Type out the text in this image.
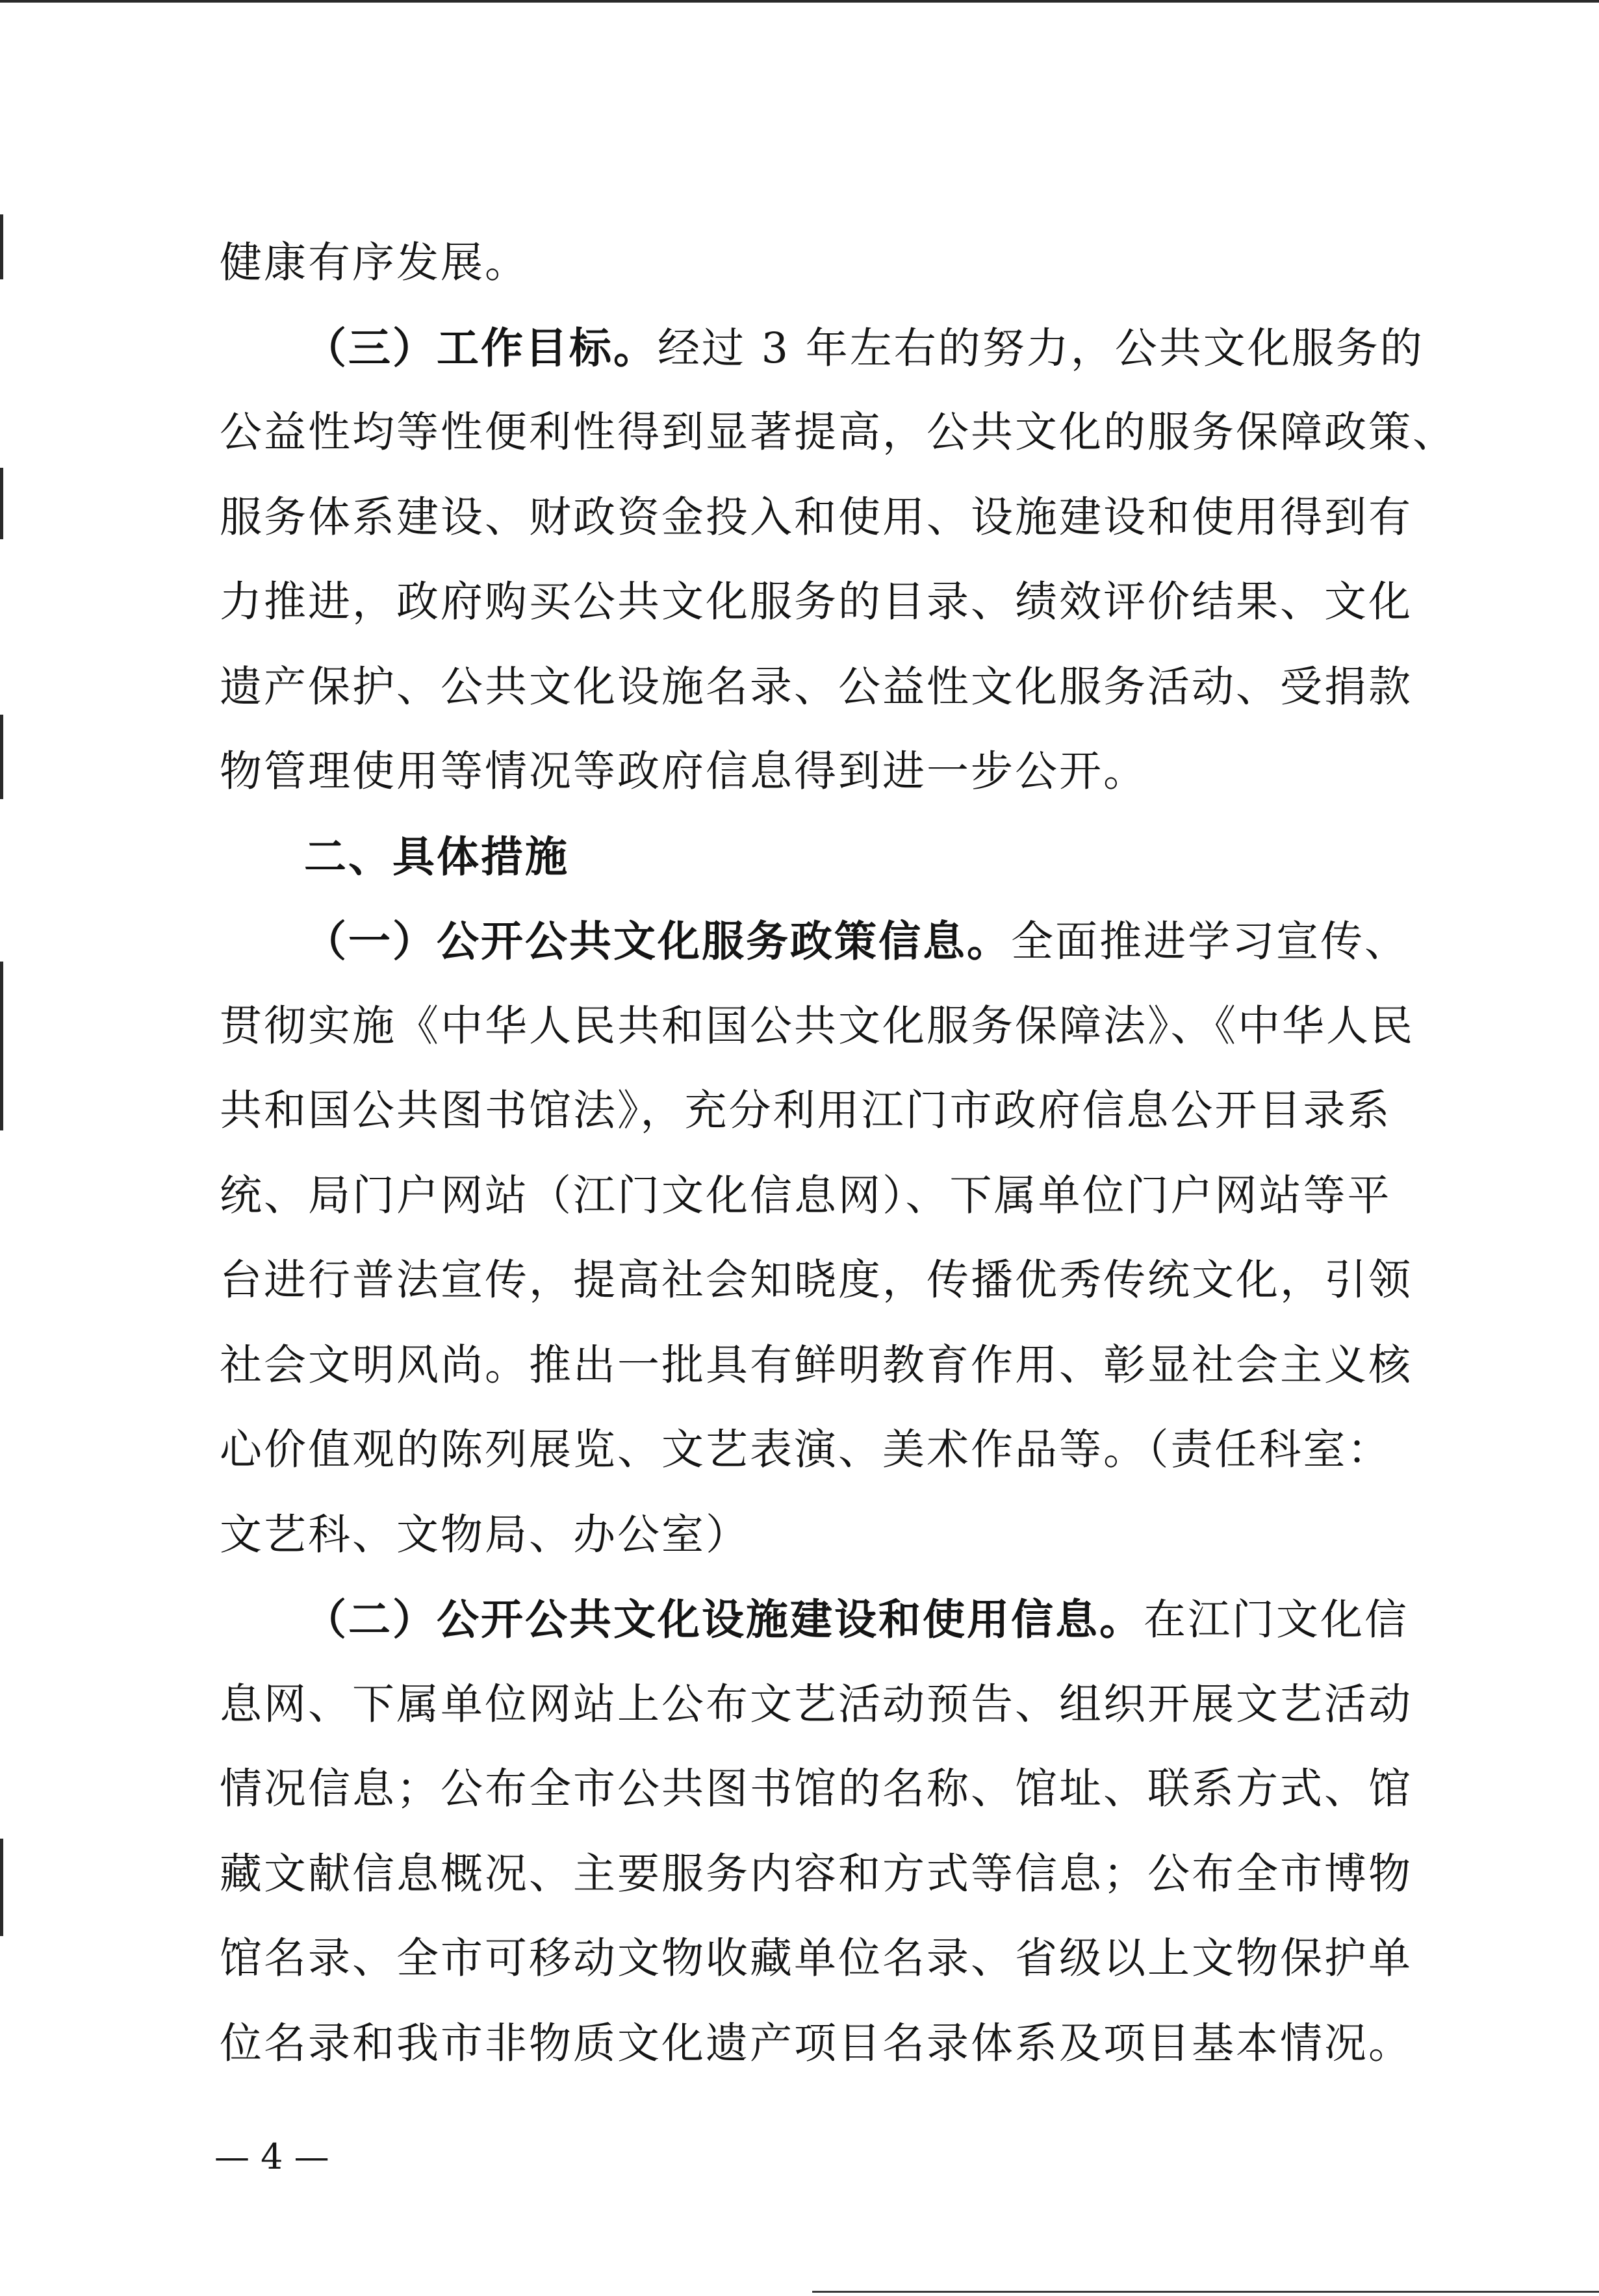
健康有序发展。
（三）工作目标。经过 3 年左右的努力，公共文化服务的
公益性均等性便利性得到显著提高，公共文化的服务保障政策、
服务体系建设、财政资金投入和使用、设施建设和使用得到有
力推进，政府购买公共文化服务的目录、绩效评价结果、文化
遗产保护、公共文化设施名录、公益性文化服务活动、受捐款
物管理使用等情况等政府信息得到进一步公开。
二、具体措施
（一）公开公共文化服务政策信息。全面推进学习宣传、
贯彻实施《中华人民共和国公共文化服务保障法》、《中华人民
共和国公共图书馆法》，充分利用江门市政府信息公开目录系
统、局门户网站（江门文化信息网）、下属单位门户网站等平
台进行普法宣传，提高社会知晓度，传播优秀传统文化，引领
社会文明风尚。推出一批具有鲜明教育作用、彰显社会主义核
心价值观的陈列展览、文艺表演、美术作品等。（责任科室：
文艺科、文物局、办公室）
（二）公开公共文化设施建设和使用信息。在江门文化信
息网、下属单位网站上公布文艺活动预告、组织开展文艺活动
情况信息；公布全市公共图书馆的名称、馆址、联系方式、馆
藏文献信息概况、主要服务内容和方式等信息；公布全市博物
馆名录、全市可移动文物收藏单位名录、省级以上文物保护单
位名录和我市非物质文化遗产项目名录体系及项目基本情况。
— 4 —
